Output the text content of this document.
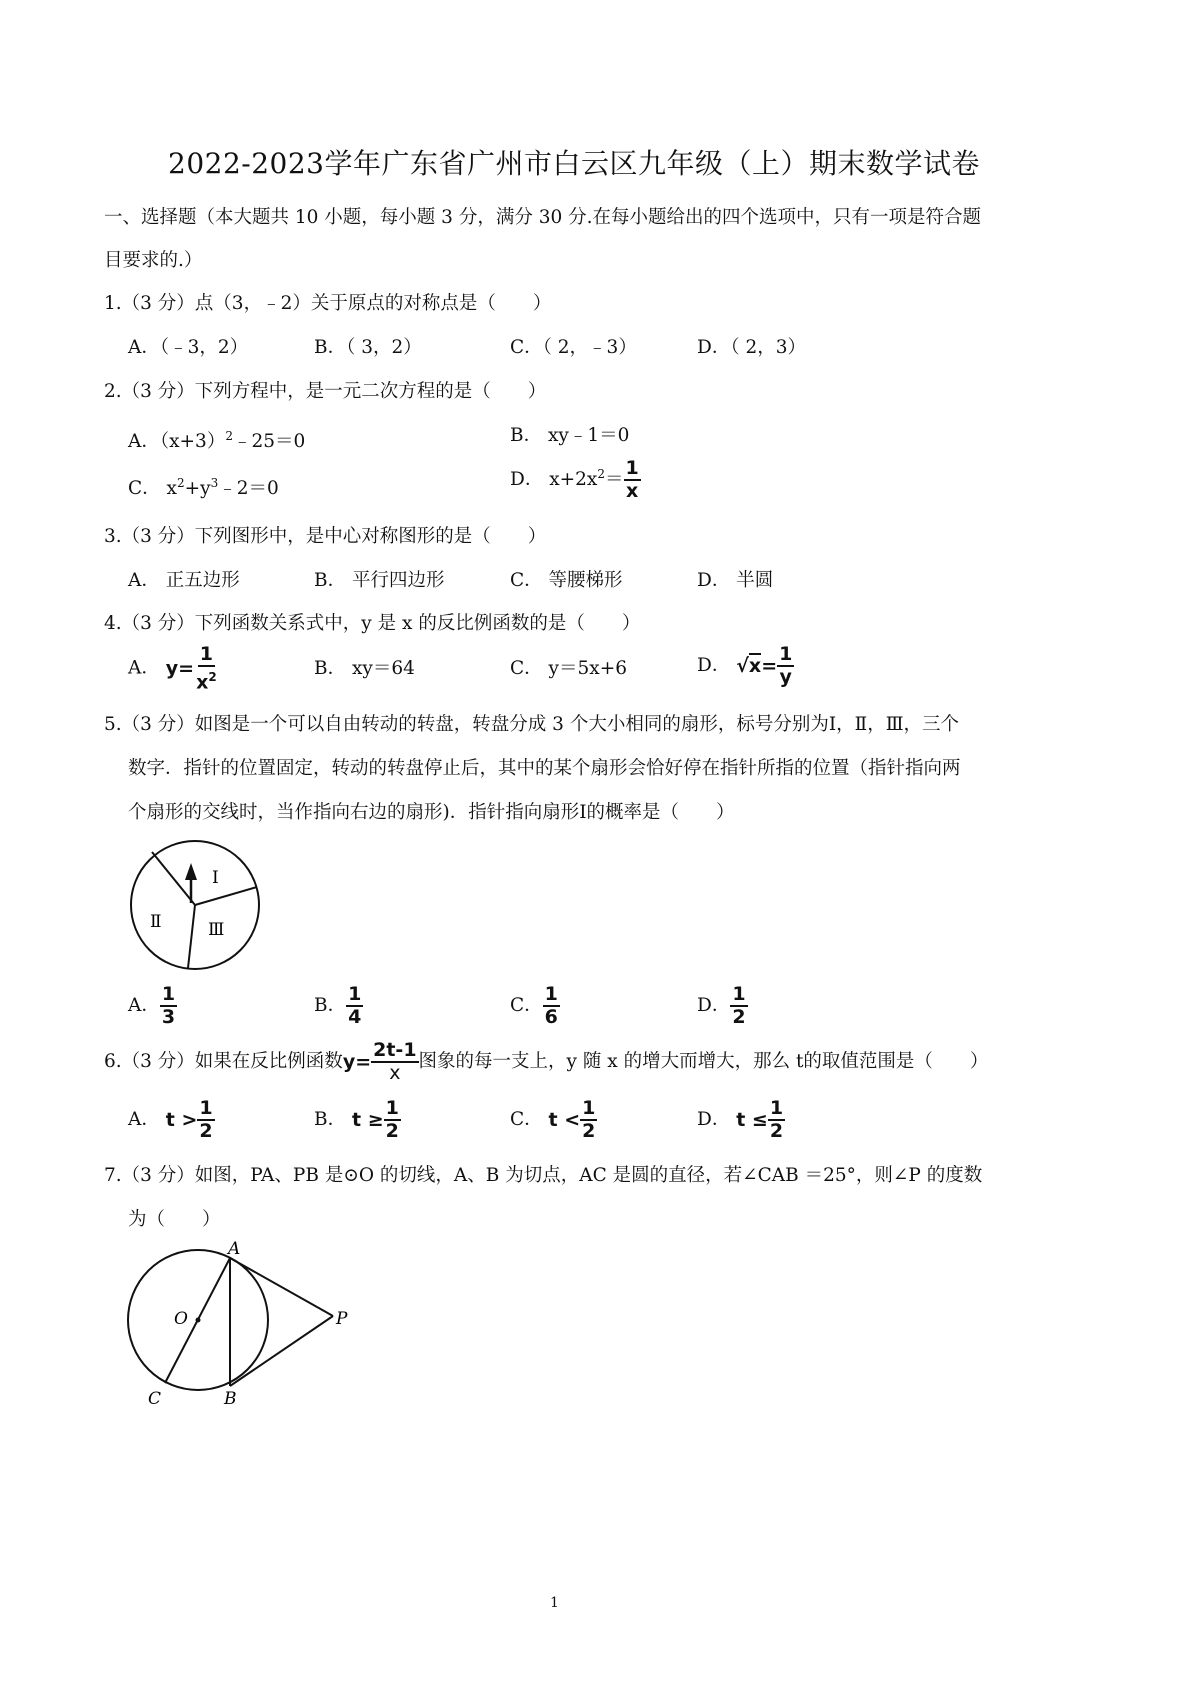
2022-2023学年广东省广州市白云区九年级（上）期末数学试卷
一、选择题（本大题共 10 小题，每小题 3 分，满分 30 分.在每小题给出的四个选项中，只有一项是符合题
目要求的.）
1.（3 分）点（3，﹣2）关于原点的对称点是（　　）
A．（﹣3，2）	B．（ 3，2）	C．（ 2，﹣3）	D．（ 2，3）
2.（3 分）下列方程中，是一元二次方程的是（　　）
A．$(x+3)^2﹣25=0$	B． xy﹣1＝0
C． $x^2+y^3﹣2=0$	D． $x+2x^2= \frac{1}{x}$
3.（3 分）下列图形中，是中心对称图形的是（　　）
A． 正五边形	B． 平行四边形	C． 等腰梯形	D． 半圆
4.（3 分）下列函数关系式中，y 是 x 的反比例函数的是（　　）
A． $y= \frac{1}{x^2}$	B． xy＝64	C． y＝5x+6	D． $√x= \frac{1}{y}$
5.（3 分）如图是一个可以自由转动的转盘，转盘分成 3 个大小相同的扇形，标号分别为Ⅰ，Ⅱ，Ⅲ，三个
数字．指针的位置固定，转动的转盘停止后，其中的某个扇形会恰好停在指针所指的位置（指针指向两
个扇形的交线时，当作指向右边的扇形)．指针指向扇形Ⅰ的概率是（　　）
Ⅰ
Ⅱ	Ⅲ
A． $\frac{1}{3}$	B． $\frac{1}{4}$	C． $\frac{1}{6}$	D． $\frac{1}{2}$
6.（3 分）如果在反比例函数$y= \frac{2t-1}{x}$ 图象的每一支上，y 随 x 的增大而增大，那么 t的取值范围是（　　）
A． $t > \frac{1}{2}$	B． $t \ge \frac{1}{2}$	C． $t < \frac{1}{2}$	D． $t \le \frac{1}{2}$
7.（3 分）如图，PA、PB 是⊙O 的切线，A、B 为切点，AC 是圆的直径，若∠CAB ＝25°，则∠P 的度数
为（　　）
A
O	P
C	B
1
